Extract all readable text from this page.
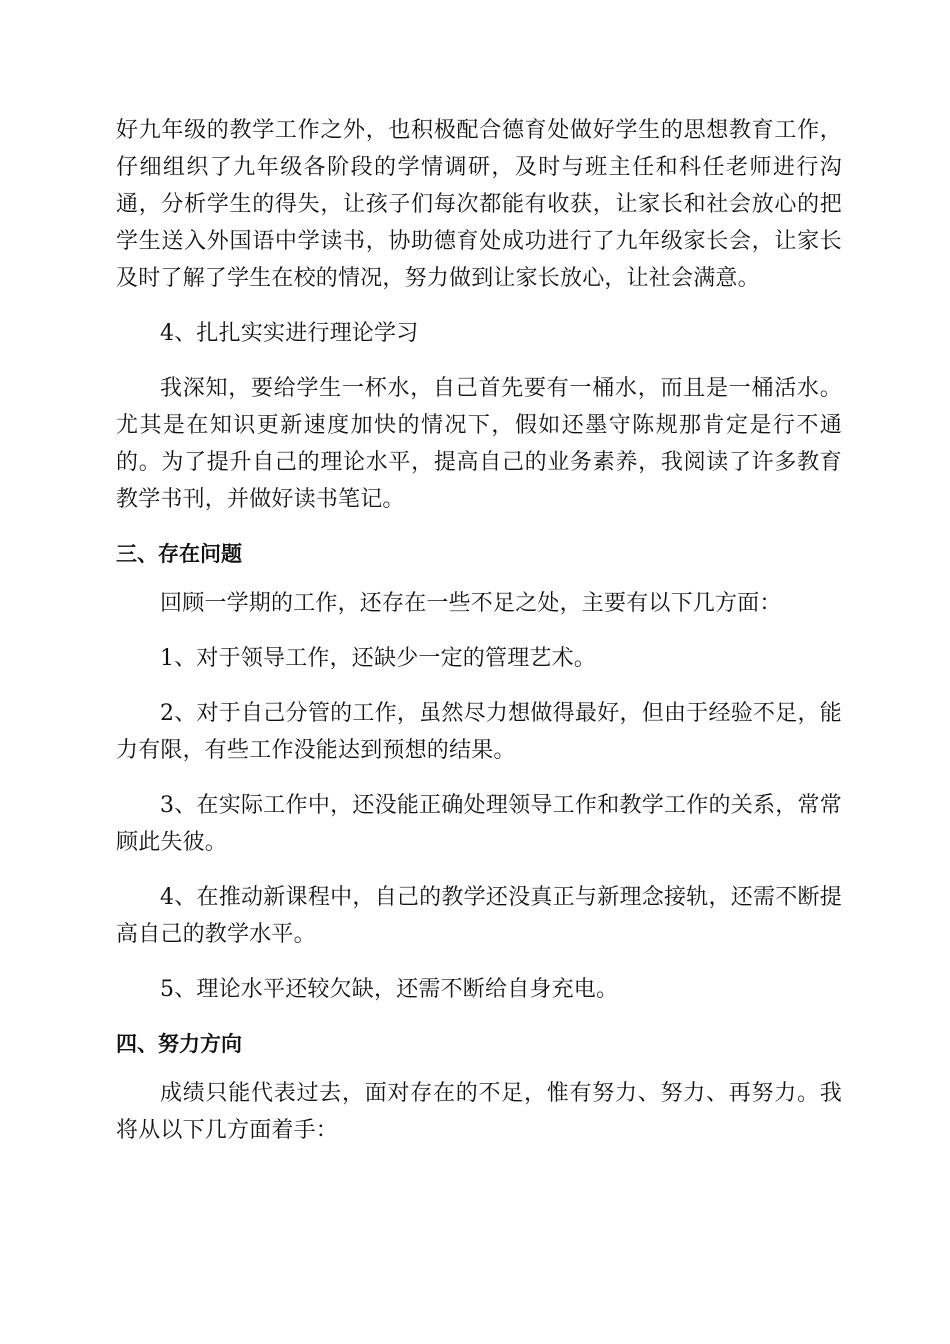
好九年级的教学工作之外，也积极配合德育处做好学生的思想教育工作，仔细组织了九年级各阶段的学情调研，及时与班主任和科任老师进行沟通，分析学生的得失，让孩子们每次都能有收获，让家长和社会放心的把学生送入外国语中学读书，协助德育处成功进行了九年级家长会，让家长及时了解了学生在校的情况，努力做到让家长放心，让社会满意。

4、扎扎实实进行理论学习

我深知，要给学生一杯水，自己首先要有一桶水，而且是一桶活水。尤其是在知识更新速度加快的情况下，假如还墨守陈规那肯定是行不通的。为了提升自己的理论水平，提高自己的业务素养，我阅读了许多教育教学书刊，并做好读书笔记。

三、存在问题

回顾一学期的工作，还存在一些不足之处，主要有以下几方面：

1、对于领导工作，还缺少一定的管理艺术。

2、对于自己分管的工作，虽然尽力想做得最好，但由于经验不足，能力有限，有些工作没能达到预想的结果。

3、在实际工作中，还没能正确处理领导工作和教学工作的关系，常常顾此失彼。

4、在推动新课程中，自己的教学还没真正与新理念接轨，还需不断提高自己的教学水平。

5、理论水平还较欠缺，还需不断给自身充电。

四、努力方向

成绩只能代表过去，面对存在的不足，惟有努力、努力、再努力。我将从以下几方面着手：
